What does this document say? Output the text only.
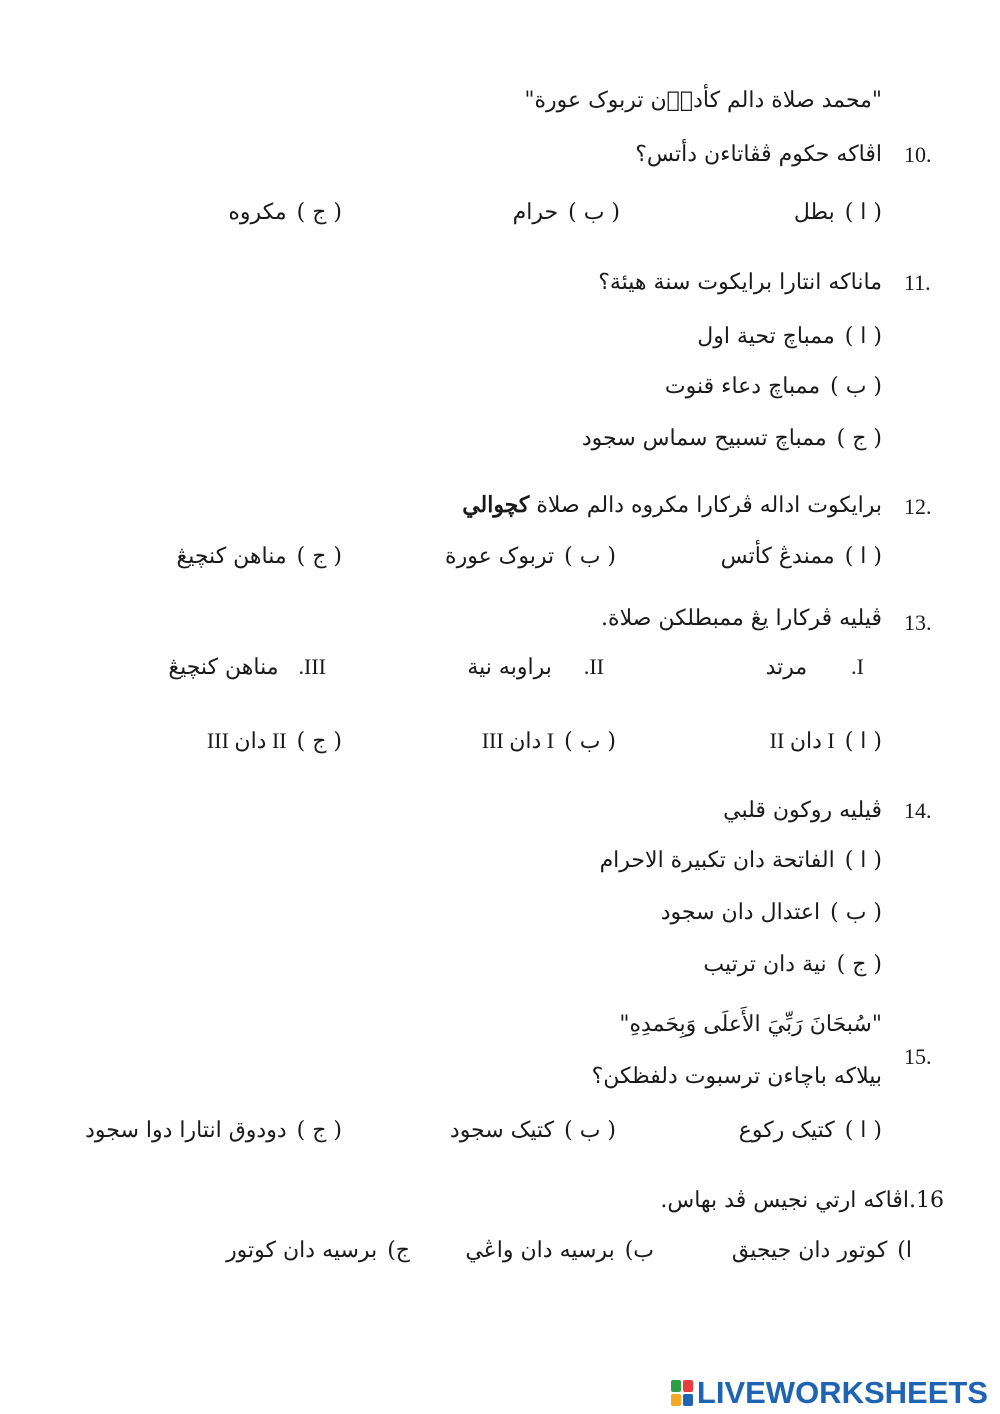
"محمد صلاة دالم كأدا٘ن تربوک عورة"
10.
اڤاكه حكوم ڤڤاتاءن دأتس؟
( ا )بطل
( ب )حرام
( ج )مكروه
11.
ماناكه انتارا برايكوت سنة هيئة؟
( ا )ممباچ تحية اول
( ب )ممباچ دعاء قنوت
( ج )ممباچ تسبيح سماس سجود
12.
برايكوت اداله ڤركارا مكروه دالم صلاة كچوالي
( ا )ممندڠ كأتس
( ب )تربوک عورة
( ج )مناهن كنچيڠ
13.
ڤيليه ڤركارا يڠ ممبطلكن صلاة.
I.مرتد
II.براوبه نية
III.مناهن كنچيڠ
( ا )I دان II
( ب )I دان III
( ج )II دان III
14.
ڤيليه روكون قلبي
( ا )الفاتحة دان تكبيرة الاحرام
( ب )اعتدال دان سجود
( ج )نية دان ترتيب
15.
"سُبحَانَ رَبِّيَ الأَعلَى وَبِحَمدِهِ"
بيلاكه باچاءن ترسبوت دلفظكن؟
( ا )كتيک رکوع
( ب )كتيک سجود
( ج )دودوق انتارا دوا سجود
16.اڤاكه ارتي نجيس ڤد بهاس.
ا)كوتور دان جيجيق
ب)برسيه دان واڠي
ج)برسيه دان كوتور
LIVEWORKSHEETS
